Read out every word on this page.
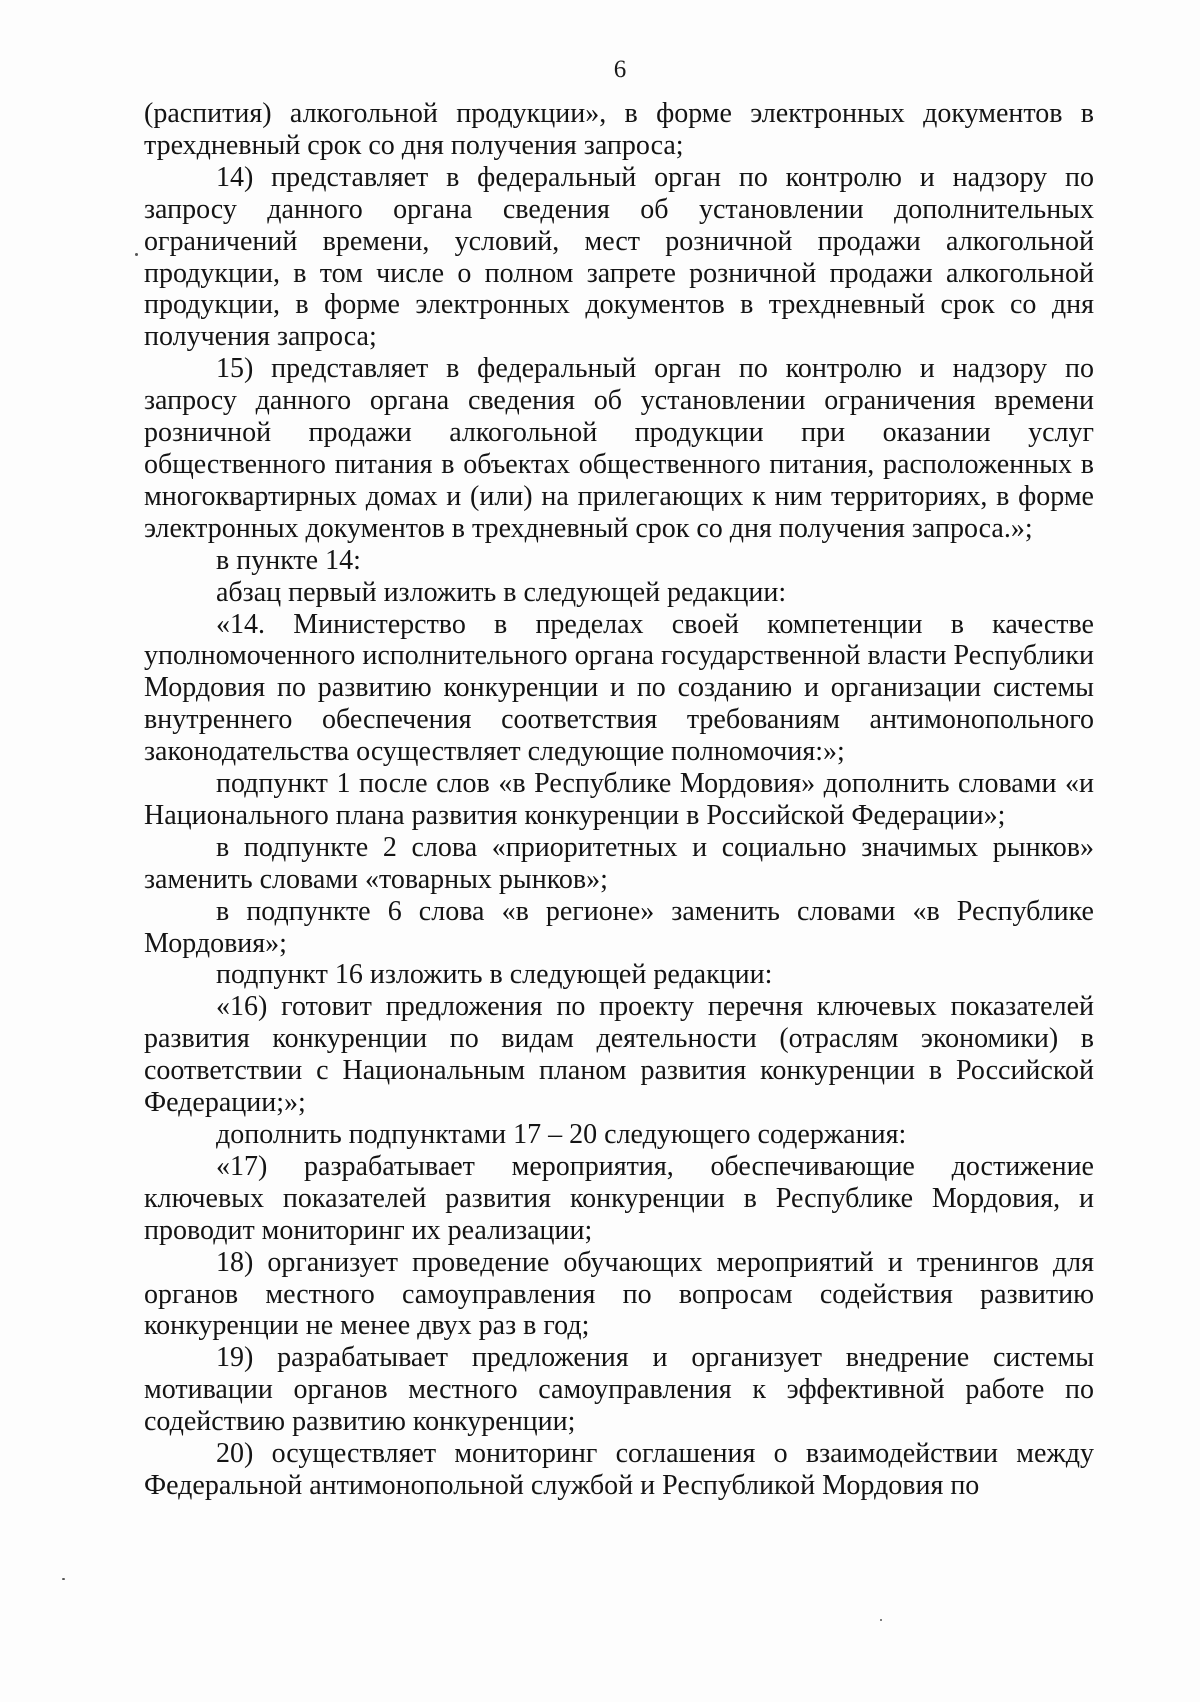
6

(распития) алкогольной продукции», в форме электронных документов в трехдневный срок со дня получения запроса;

14) представляет в федеральный орган по контролю и надзору по запросу данного органа сведения об установлении дополнительных ограничений времени, условий, мест розничной продажи алкогольной продукции, в том числе о полном запрете розничной продажи алкогольной продукции, в форме электронных документов в трехдневный срок со дня получения запроса;

15) представляет в федеральный орган по контролю и надзору по запросу данного органа сведения об установлении ограничения времени розничной продажи алкогольной продукции при оказании услуг общественного питания в объектах общественного питания, расположенных в многоквартирных домах и (или) на прилегающих к ним территориях, в форме электронных документов в трехдневный срок со дня получения запроса.»;

в пункте 14:

абзац первый изложить в следующей редакции:

«14. Министерство в пределах своей компетенции в качестве уполномоченного исполнительного органа государственной власти Республики Мордовия по развитию конкуренции и по созданию и организации системы внутреннего обеспечения соответствия требованиям антимонопольного законодательства осуществляет следующие полномочия:»;

подпункт 1 после слов «в Республике Мордовия» дополнить словами «и Национального плана развития конкуренции в Российской Федерации»;

в подпункте 2 слова «приоритетных и социально значимых рынков» заменить словами «товарных рынков»;

в подпункте 6 слова «в регионе» заменить словами «в Республике Мордовия»;

подпункт 16 изложить в следующей редакции:

«16) готовит предложения по проекту перечня ключевых показателей развития конкуренции по видам деятельности (отраслям экономики) в соответствии с Национальным планом развития конкуренции в Российской Федерации;»;

дополнить подпунктами 17 – 20 следующего содержания:

«17) разрабатывает мероприятия, обеспечивающие достижение ключевых показателей развития конкуренции в Республике Мордовия, и проводит мониторинг их реализации;

18) организует проведение обучающих мероприятий и тренингов для органов местного самоуправления по вопросам содействия развитию конкуренции не менее двух раз в год;

19) разрабатывает предложения и организует внедрение системы мотивации органов местного самоуправления к эффективной работе по содействию развитию конкуренции;

20) осуществляет мониторинг соглашения о взаимодействии между Федеральной антимонопольной службой и Республикой Мордовия по
